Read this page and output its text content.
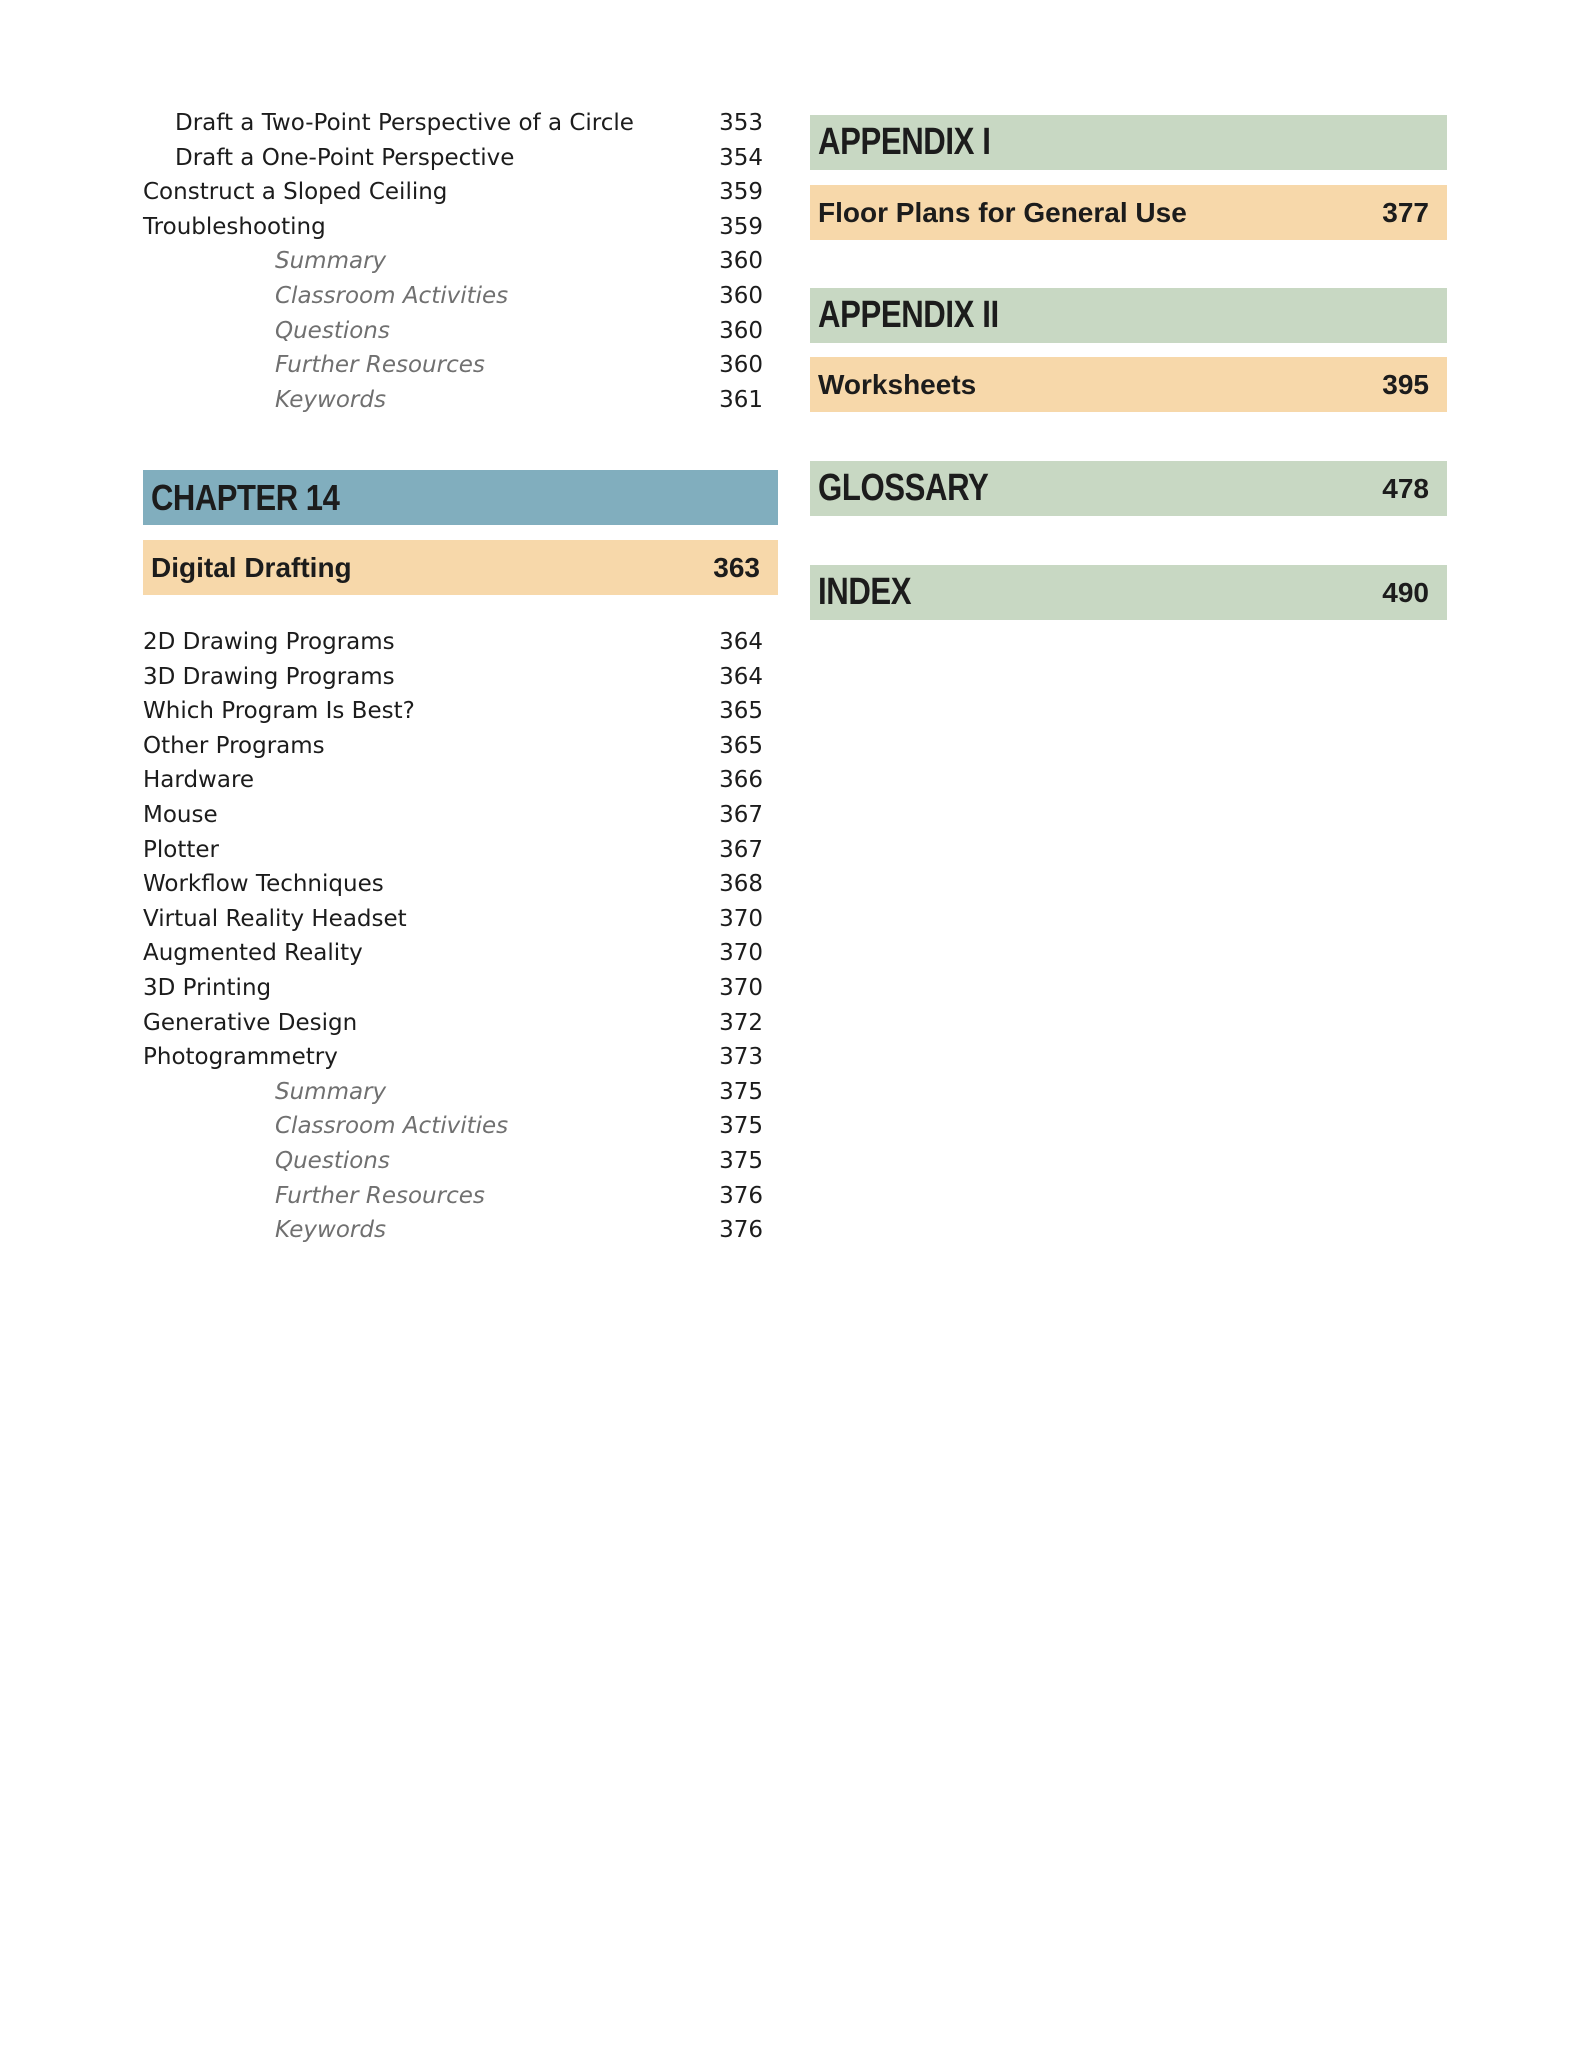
Draft a Two-Point Perspective of a Circle	353
Draft a One-Point Perspective	354
Construct a Sloped Ceiling	359
Troubleshooting	359
Summary	360
Classroom Activities	360
Questions	360
Further Resources	360
Keywords	361
CHAPTER 14
Digital Drafting	363
2D Drawing Programs	364
3D Drawing Programs	364
Which Program Is Best?	365
Other Programs	365
Hardware	366
Mouse	367
Plotter	367
Workflow Techniques	368
Virtual Reality Headset	370
Augmented Reality	370
3D Printing	370
Generative Design	372
Photogrammetry	373
Summary	375
Classroom Activities	375
Questions	375
Further Resources	376
Keywords	376
APPENDIX I
Floor Plans for General Use	377
APPENDIX II
Worksheets	395
GLOSSARY	478
INDEX	490
